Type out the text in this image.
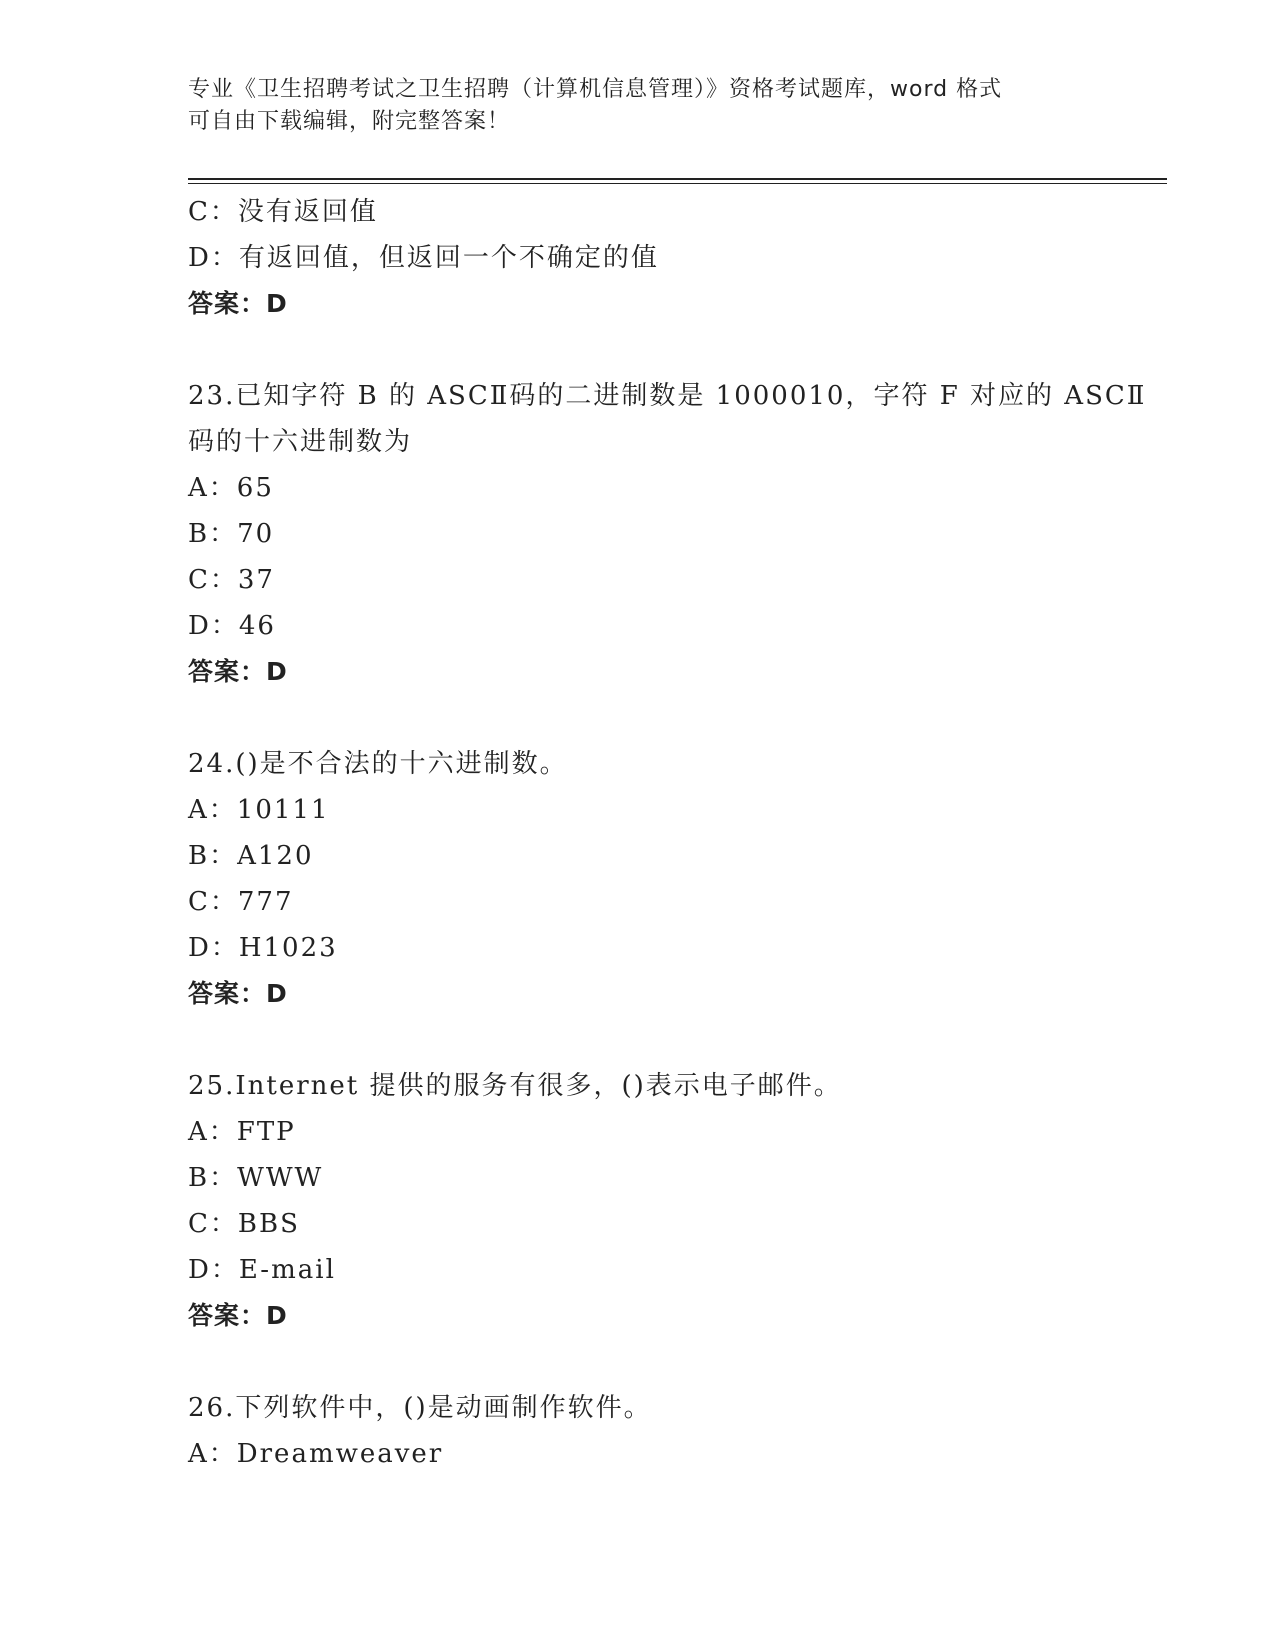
专业《卫生招聘考试之卫生招聘（计算机信息管理）》资格考试题库，word 格式
可自由下载编辑，附完整答案！
C：没有返回值
D：有返回值，但返回一个不确定的值
答案：D
23.已知字符 B 的 ASCⅡ码的二进制数是 1000010，字符 F 对应的 ASCⅡ
码的十六进制数为
A：65
B：70
C：37
D：46
答案：D
24.()是不合法的十六进制数。
A：10111
B：A120
C：777
D：H1023
答案：D
25.Internet 提供的服务有很多，()表示电子邮件。
A：FTP
B：WWW
C：BBS
D：E-mail
答案：D
26.下列软件中，()是动画制作软件。
A：Dreamweaver
